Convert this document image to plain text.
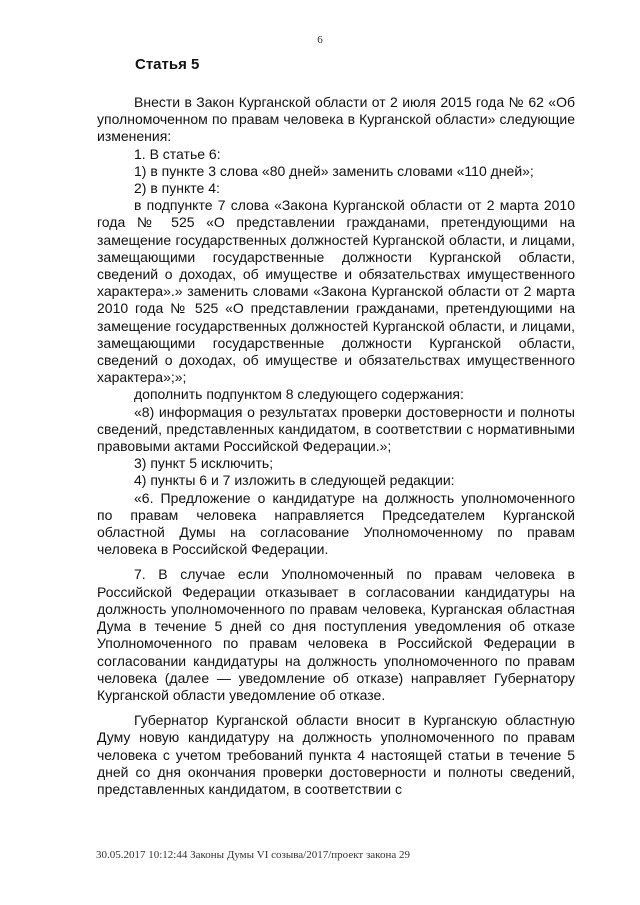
6
Статья 5

Внести в Закон Курганской области от 2 июля 2015 года № 62 «Об уполномоченном по правам человека в Курганской области» следующие изменения:

1. В статье 6:

1) в пункте 3 слова «80 дней» заменить словами «110 дней»;

2) в пункте 4:

в подпункте 7 слова «Закона Курганской области от 2 марта 2010 года № 525 «О представлении гражданами, претендующими на замещение государственных должностей Курганской области, и лицами, замещающими государственные должности Курганской области, сведений о доходах, об имуществе и обязательствах имущественного характера».» заменить словами «Закона Курганской области от 2 марта 2010 года № 525 «О представлении гражданами, претендующими на замещение государственных должностей Курганской области, и лицами, замещающими государственные должности Курганской области, сведений о доходах, об имуществе и обязательствах имущественного характера»;»;

дополнить подпунктом 8 следующего содержания:

«8) информация о результатах проверки достоверности и полноты сведений, представленных кандидатом, в соответствии с нормативными правовыми актами Российской Федерации.»;

3) пункт 5 исключить;

4) пункты 6 и 7 изложить в следующей редакции:

«6. Предложение о кандидатуре на должность уполномоченного по правам человека направляется Председателем Курганской областной Думы на согласование Уполномоченному по правам человека в Российской Федерации.

7. В случае если Уполномоченный по правам человека в Российской Федерации отказывает в согласовании кандидатуры на должность уполномоченного по правам человека, Курганская областная Дума в течение 5 дней со дня поступления уведомления об отказе Уполномоченного по правам человека в Российской Федерации в согласовании кандидатуры на должность уполномоченного по правам человека (далее — уведомление об отказе) направляет Губернатору Курганской области уведомление об отказе.

Губернатор Курганской области вносит в Курганскую областную Думу новую кандидатуру на должность уполномоченного по правам человека с учетом требований пункта 4 настоящей статьи в течение 5 дней со дня окончания проверки достоверности и полноты сведений, представленных кандидатом, в соответствии с

30.05.2017 10:12:44 Законы Думы VI созыва/2017/проект закона 29
